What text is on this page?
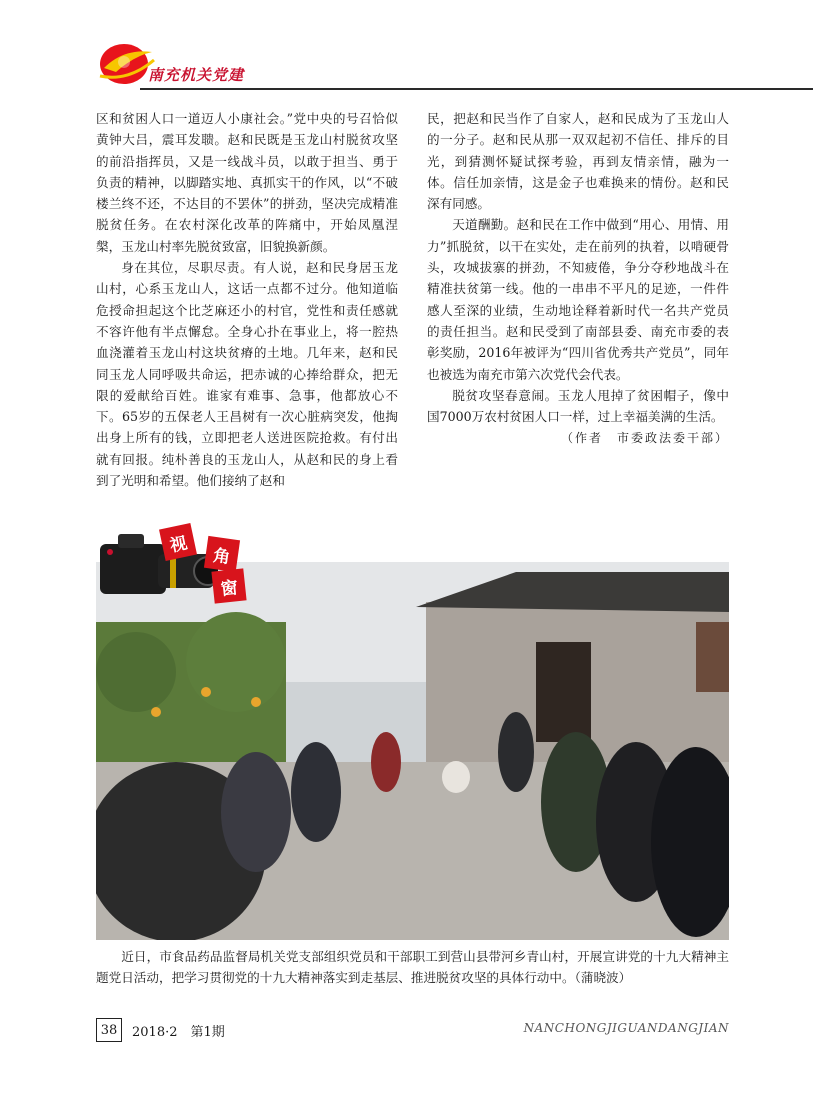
南充机关党建

区和贫困人口一道迈人小康社会。”党中央的号召恰似黄钟大吕，震耳发聩。赵和民既是玉龙山村脱贫攻坚的前沿指挥员，又是一线战斗员，以敢于担当、勇于负责的精神，以脚踏实地、真抓实干的作风，以“不破楼兰终不还，不达目的不罢休”的拼劲，坚决完成精准脱贫任务。在农村深化改革的阵痛中，开始凤凰涅槃，玉龙山村率先脱贫致富，旧貌换新颜。

身在其位，尽职尽责。有人说，赵和民身居玉龙山村，心系玉龙山人，这话一点都不过分。他知道临危授命担起这个比芝麻还小的村官，党性和责任感就不容许他有半点懈怠。全身心扑在事业上，将一腔热血浇灌着玉龙山村这块贫瘠的土地。几年来，赵和民同玉龙人同呼吸共命运，把赤诚的心捧给群众，把无限的爱献给百姓。谁家有难事、急事，他都放心不下。65岁的五保老人王昌树有一次心脏病突发，他掏出身上所有的钱，立即把老人送进医院抢救。有付出就有回报。纯朴善良的玉龙山人，从赵和民的身上看到了光明和希望。他们接纳了赵和

民，把赵和民当作了自家人，赵和民成为了玉龙山人的一分子。赵和民从那一双双起初不信任、排斥的目光，到猜测怀疑试探考验，再到友情亲情，融为一体。信任加亲情，这是金子也难换来的情份。赵和民深有同感。

天道酬勤。赵和民在工作中做到“用心、用情、用力”抓脱贫，以干在实处，走在前列的执着，以啃硬骨头，攻城拔寨的拼劲，不知疲倦，争分夺秒地战斗在精准扶贫第一线。他的一串串不平凡的足迹，一件件感人至深的业绩，生动地诠释着新时代一名共产党员的责任担当。赵和民受到了南部县委、南充市委的表彰奖励，2016年被评为“四川省优秀共产党员”，同年也被选为南充市第六次党代会代表。

脱贫攻坚春意闹。玉龙人甩掉了贫困帽子，像中国7000万农村贫困人口一样，过上幸福美满的生活。

（作者　市委政法委干部）

视
角
窗
近日，市食品药品监督局机关党支部组织党员和干部职工到营山县带河乡青山村，开展宣讲党的十九大精神主题党日活动，把学习贯彻党的十九大精神落实到走基层、推进脱贫攻坚的具体行动中。（蒲晓波）
38	2018·2　第1期	NANCHONGJIGUANDANGJIAN
